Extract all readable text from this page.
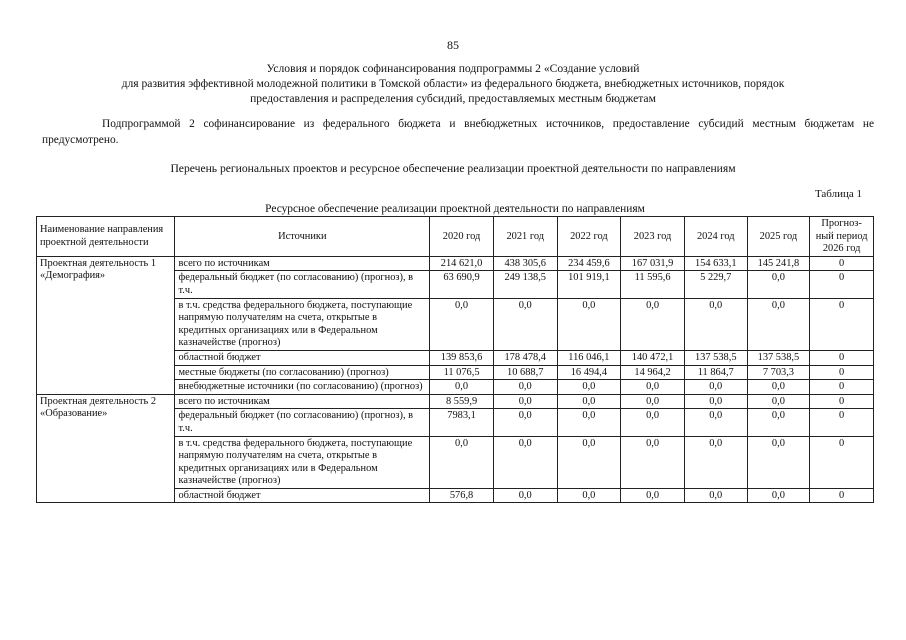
85
Условия и порядок софинансирования подпрограммы 2 «Создание условий
для развития эффективной молодежной политики в Томской области» из федерального бюджета, внебюджетных источников, порядок
предоставления и распределения субсидий, предоставляемых местным бюджетам
Подпрограммой 2 софинансирование из федерального бюджета и внебюджетных источников, предоставление субсидий местным бюджетам не предусмотрено.
Перечень региональных проектов и ресурсное обеспечение реализации проектной деятельности по направлениям
Таблица 1
Ресурсное обеспечение реализации проектной деятельности по направлениям
Наименование направления проектной деятельности	Источники	2020 год	2021 год	2022 год	2023 год	2024 год	2025 год	Прогноз-ный период 2026 год
Проектная деятельность 1 «Демография»	всего по источникам	214 621,0	438 305,6	234 459,6	167 031,9	154 633,1	145 241,8	0
	федеральный бюджет (по согласованию) (прогноз), в т.ч.	63 690,9	249 138,5	101 919,1	11 595,6	5 229,7	0,0	0
	в т.ч. средства федерального бюджета, поступающие напрямую получателям на счета, открытые в кредитных организациях или в Федеральном казначействе (прогноз)	0,0	0,0	0,0	0,0	0,0	0,0	0
	областной бюджет	139 853,6	178 478,4	116 046,1	140 472,1	137 538,5	137 538,5	0
	местные бюджеты (по согласованию) (прогноз)	11 076,5	10 688,7	16 494,4	14 964,2	11 864,7	7 703,3	0
	внебюджетные источники (по согласованию) (прогноз)	0,0	0,0	0,0	0,0	0,0	0,0	0
Проектная деятельность 2 «Образование»	всего по источникам	8 559,9	0,0	0,0	0,0	0,0	0,0	0
	федеральный бюджет (по согласованию) (прогноз), в т.ч.	7983,1	0,0	0,0	0,0	0,0	0,0	0
	в т.ч. средства федерального бюджета, поступающие напрямую получателям на счета, открытые в кредитных организациях или в Федеральном казначействе (прогноз)	0,0	0,0	0,0	0,0	0,0	0,0	0
	областной бюджет	576,8	0,0	0,0	0,0	0,0	0,0	0
